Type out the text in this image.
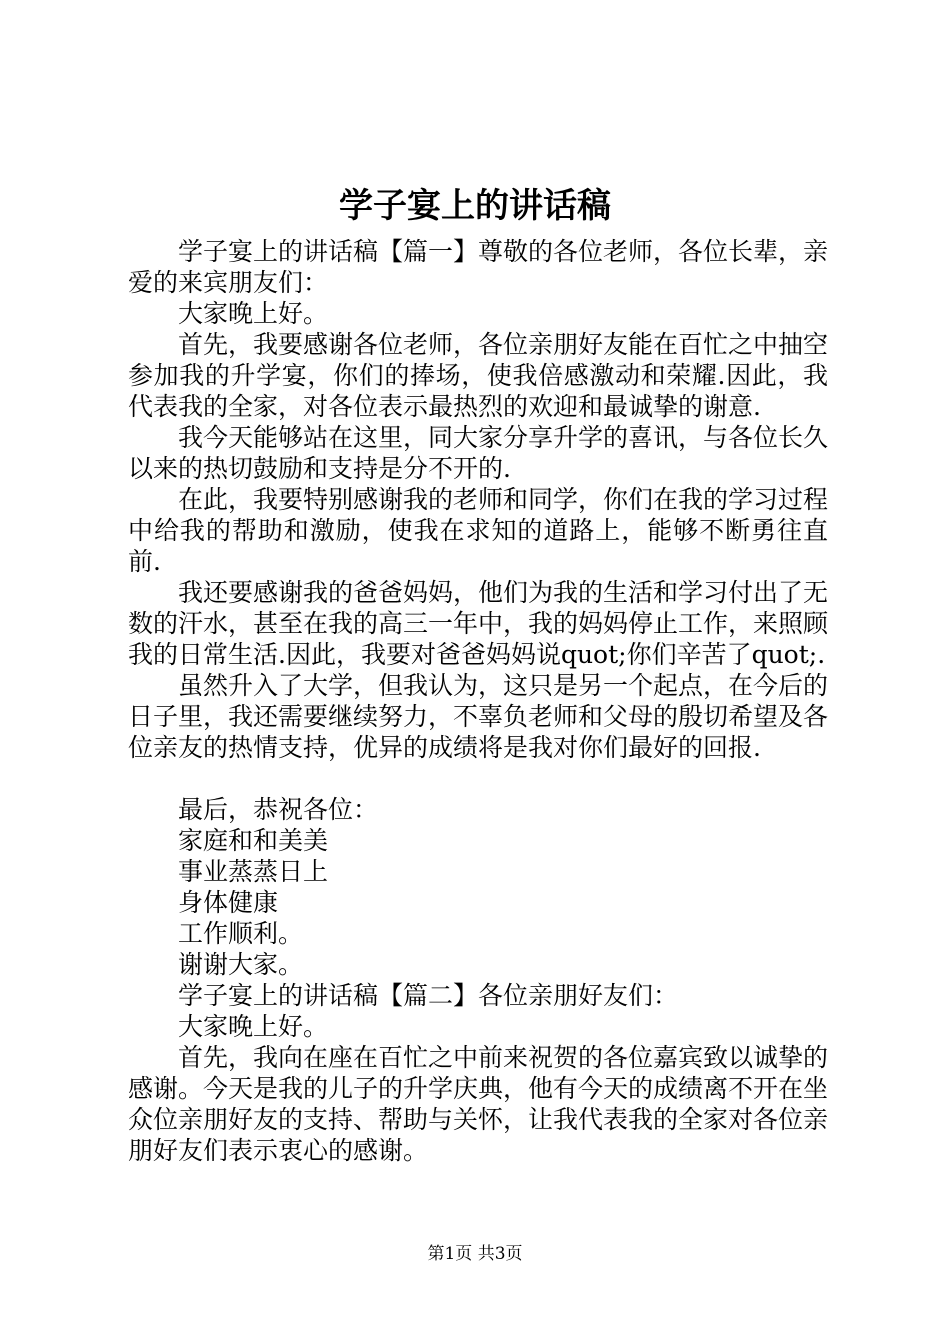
学子宴上的讲话稿

学子宴上的讲话稿【篇一】尊敬的各位老师，各位长辈，亲爱的来宾朋友们：

大家晚上好。

首先，我要感谢各位老师，各位亲朋好友能在百忙之中抽空参加我的升学宴，你们的捧场，使我倍感激动和荣耀.因此，我代表我的全家，对各位表示最热烈的欢迎和最诚挚的谢意.

我今天能够站在这里，同大家分享升学的喜讯，与各位长久以来的热切鼓励和支持是分不开的.

在此，我要特别感谢我的老师和同学，你们在我的学习过程中给我的帮助和激励，使我在求知的道路上，能够不断勇往直前.

我还要感谢我的爸爸妈妈，他们为我的生活和学习付出了无数的汗水，甚至在我的高三一年中，我的妈妈停止工作，来照顾我的日常生活.因此，我要对爸爸妈妈说quot;你们辛苦了quot;.

虽然升入了大学，但我认为，这只是另一个起点，在今后的日子里，我还需要继续努力，不辜负老师和父母的殷切希望及各位亲友的热情支持，优异的成绩将是我对你们最好的回报.

最后，恭祝各位：

家庭和和美美

事业蒸蒸日上

身体健康

工作顺利。

谢谢大家。

学子宴上的讲话稿【篇二】各位亲朋好友们：

大家晚上好。

首先，我向在座在百忙之中前来祝贺的各位嘉宾致以诚挚的感谢。今天是我的儿子的升学庆典，他有今天的成绩离不开在坐众位亲朋好友的支持、帮助与关怀，让我代表我的全家对各位亲朋好友们表示衷心的感谢。

第1页 共3页
